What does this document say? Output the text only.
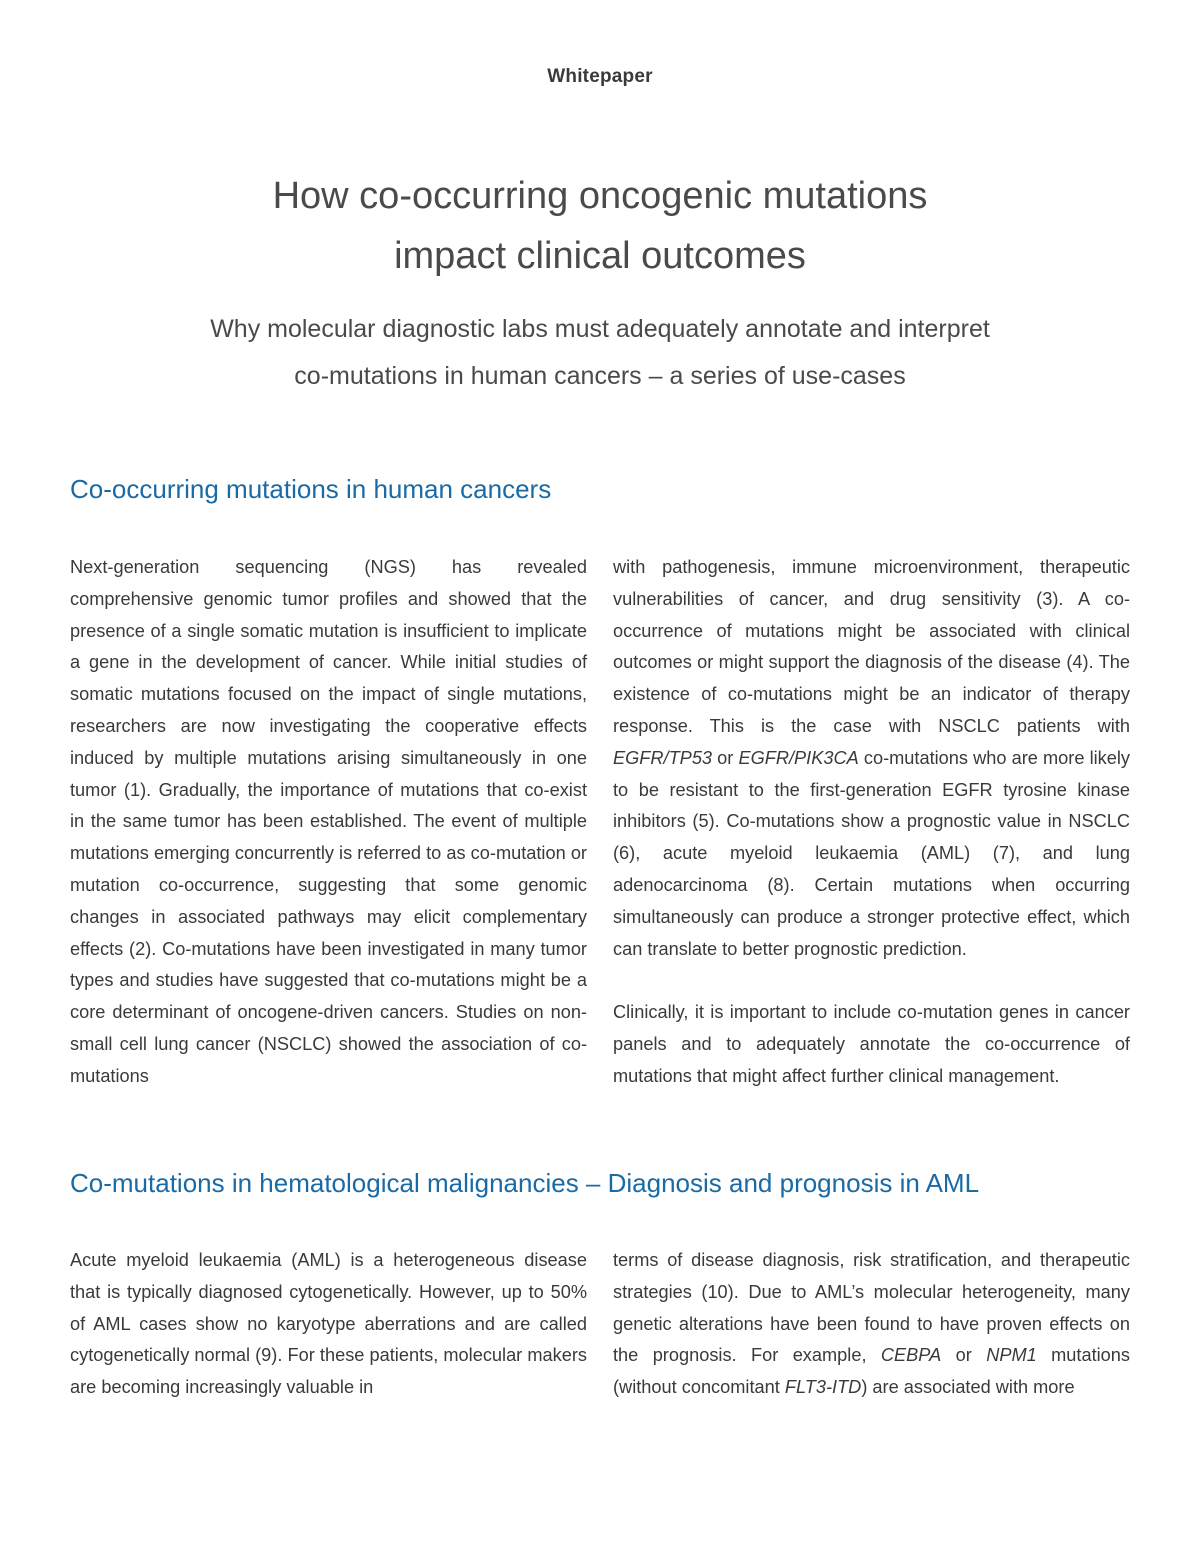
Whitepaper
How co-occurring oncogenic mutations
impact clinical outcomes
Why molecular diagnostic labs must adequately annotate and interpret
co-mutations in human cancers – a series of use-cases
Co-occurring mutations in human cancers

Next-generation sequencing (NGS) has revealed comprehensive genomic tumor profiles and showed that the presence of a single somatic mutation is insufficient to implicate a gene in the development of cancer. While initial studies of somatic mutations focused on the impact of single mutations, researchers are now investigating the cooperative effects induced by multiple mutations arising simultaneously in one tumor (1). Gradually, the importance of mutations that co-exist in the same tumor has been established. The event of multiple mutations emerging concurrently is referred to as co-mutation or mutation co-occurrence, suggesting that some genomic changes in associated pathways may elicit complementary effects (2). Co-mutations have been investigated in many tumor types and studies have suggested that co-mutations might be a core determinant of oncogene-driven cancers. Studies on non-small cell lung cancer (NSCLC) showed the association of co-mutations

with pathogenesis, immune microenvironment, therapeutic vulnerabilities of cancer, and drug sensitivity (3). A co-occurrence of mutations might be associated with clinical outcomes or might support the diagnosis of the disease (4). The existence of co-mutations might be an indicator of therapy response. This is the case with NSCLC patients with EGFR/TP53 or EGFR/PIK3CA co-mutations who are more likely to be resistant to the first-generation EGFR tyrosine kinase inhibitors (5). Co-mutations show a prognostic value in NSCLC (6), acute myeloid leukaemia (AML) (7), and lung adenocarcinoma (8). Certain mutations when occurring simultaneously can produce a stronger protective effect, which can translate to better prognostic prediction.

Clinically, it is important to include co-mutation genes in cancer panels and to adequately annotate the co-occurrence of mutations that might affect further clinical management.

Co-mutations in hematological malignancies – Diagnosis and prognosis in AML

Acute myeloid leukaemia (AML) is a heterogeneous disease that is typically diagnosed cytogenetically. However, up to 50% of AML cases show no karyotype aberrations and are called cytogenetically normal (9). For these patients, molecular makers are becoming increasingly valuable in

terms of disease diagnosis, risk stratification, and therapeutic strategies (10). Due to AML’s molecular heterogeneity, many genetic alterations have been found to have proven effects on the prognosis. For example, CEBPA or NPM1 mutations (without concomitant FLT3-ITD) are associated with more
